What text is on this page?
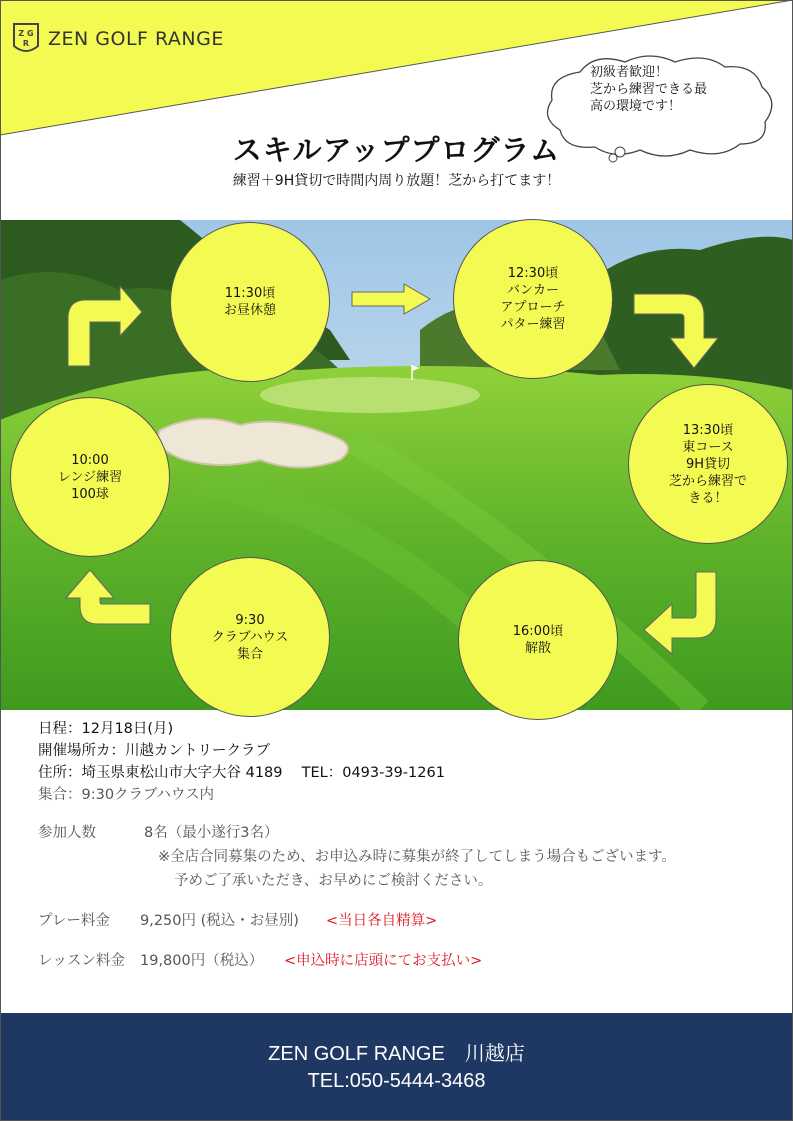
Z G
R ZEN GOLF RANGE
初級者歓迎！
芝から練習できる最
高の環境です！
スキルアッププログラム
練習＋9H貸切で時間内周り放題！芝から打てます！
9:30
クラブハウス
集合
10:00
レンジ練習
100球
11:30頃
お昼休憩
12:30頃
バンカー
アプローチ
パター練習
13:30頃
東コース
9H貸切
芝から練習で
きる！
16:00頃
解散
日程：12月18日(月)
開催場所カ：川越カントリークラブ
住所：埼玉県東松山市大字大谷 4189　 TEL：0493-39-1261
集合：9:30クラブハウス内
参加人数	8名（最小遂行3名）
※全店合同募集のため、お申込み時に募集が終了してしまう場合もございます。
予めご了承いただき、お早めにご検討ください。
プレー料金 9,250円 (税込・お昼別) <当日各自精算>
レッスン料金 19,800円（税込） <申込時に店頭にてお支払い>
ZEN GOLF RANGE　川越店
TEL:050-5444-3468
